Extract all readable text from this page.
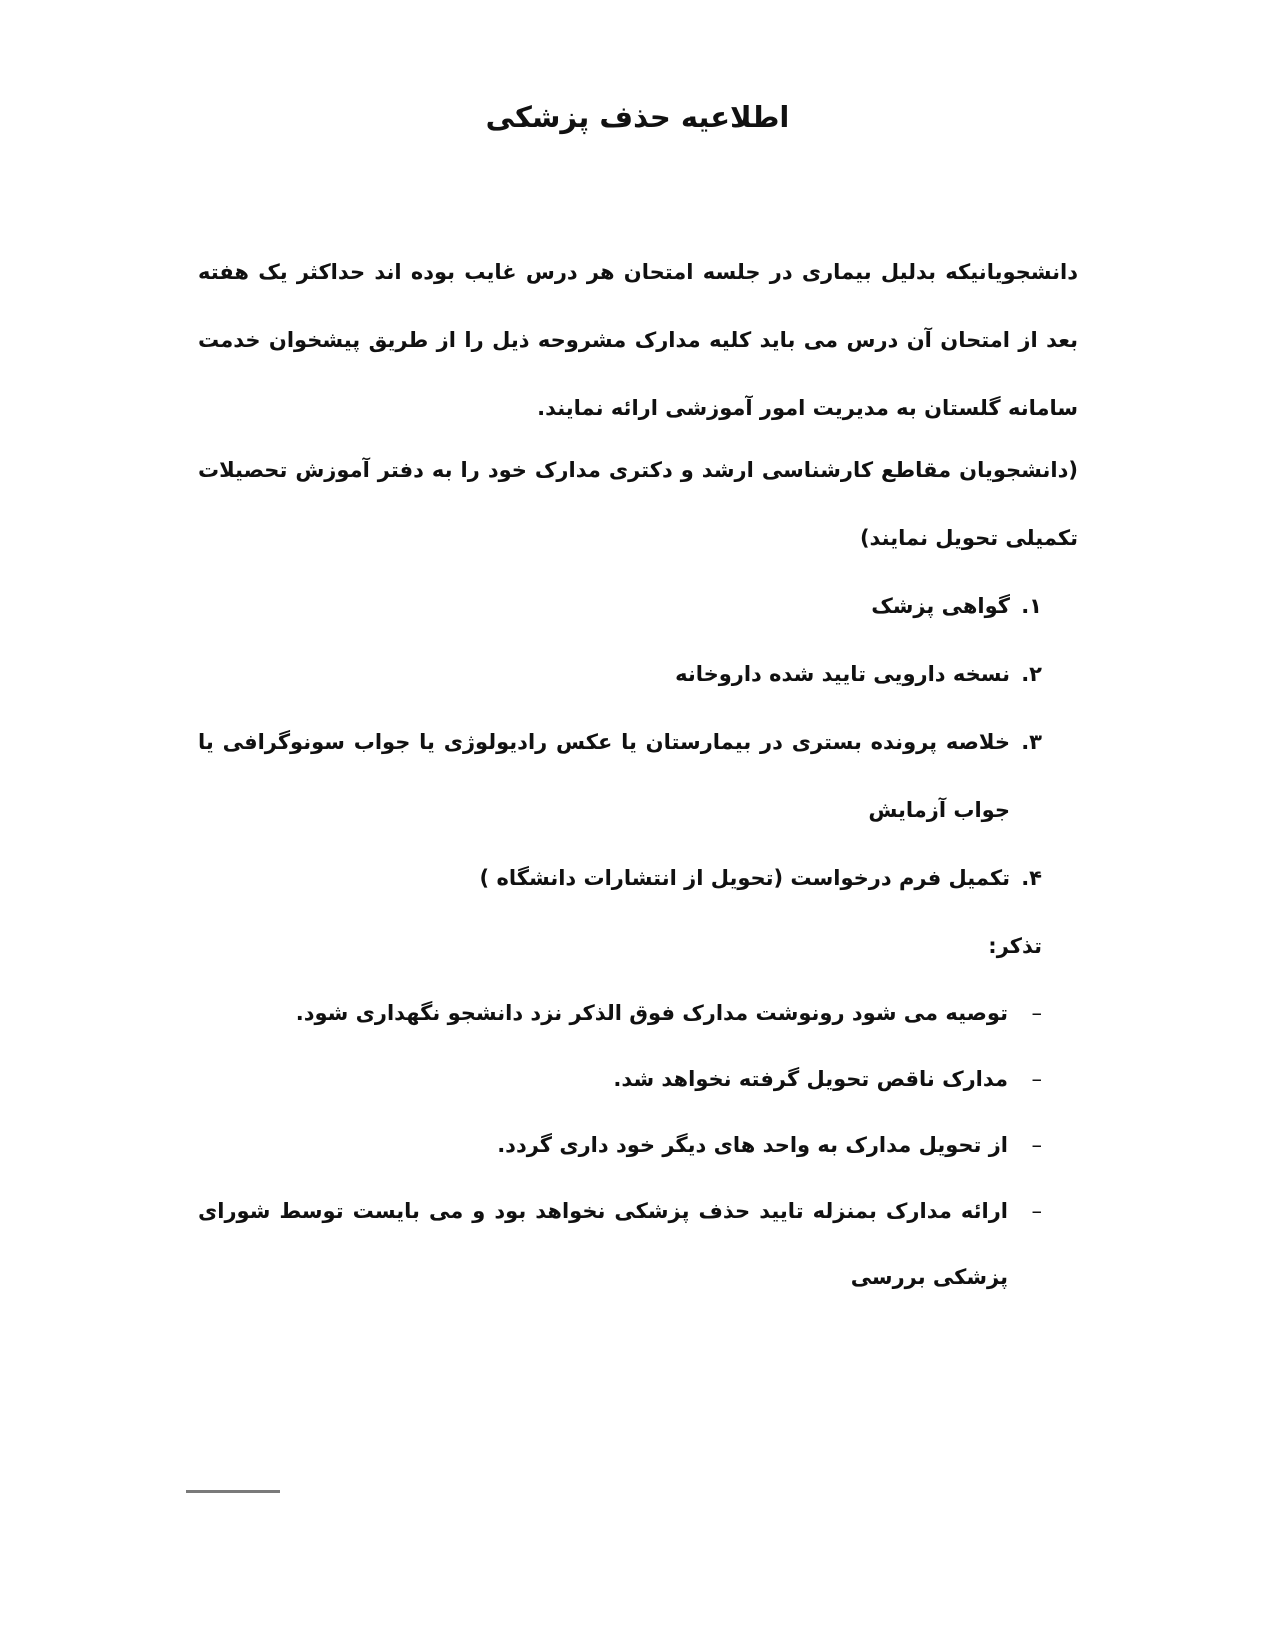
اطلاعیه حذف پزشکی

دانشجویانیکه بدلیل بیماری در جلسه امتحان هر درس غایب بوده اند حداکثر یک هفته بعد از امتحان آن درس می باید کلیه مدارک مشروحه ذیل را از طریق پیشخوان خدمت سامانه گلستان به مدیریت امور آموزشی ارائه نمایند.

(دانشجویان مقاطع کارشناسی ارشد و دکتری مدارک خود را به دفتر آموزش تحصیلات تکمیلی تحویل نمایند)

۱.
گواهی پزشک
۲.
نسخه دارویی تایید شده داروخانه
۳.
خلاصه پرونده بستری در بیمارستان یا عکس رادیولوژی یا جواب سونوگرافی یا جواب آزمایش
۴.
تکمیل فرم درخواست (تحویل از انتشارات دانشگاه )

تذکر:

–
توصیه می شود رونوشت مدارک فوق الذکر نزد دانشجو نگهداری شود.
–
مدارک ناقص تحویل گرفته نخواهد شد.
–
از تحویل مدارک به واحد های دیگر خود داری گردد.
–
ارائه مدارک بمنزله تایید حذف پزشکی نخواهد بود و می بایست توسط شورای پزشکی بررسی
